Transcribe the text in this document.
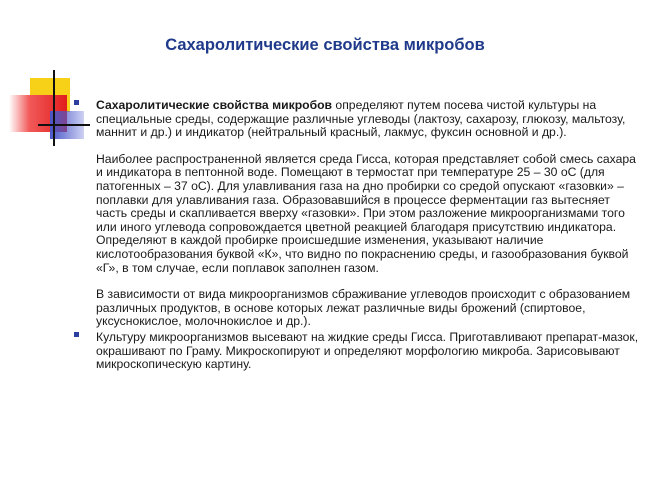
Сахаролитические свойства микробов

Сахаролитические свойства микробов определяют путем посева чистой культуры на специальные среды, содержащие различные углеводы (лактозу, сахарозу, глюкозу, мальтозу, маннит и др.) и индикатор (нейтральный красный, лакмус, фуксин основной и др.).

Наиболее распространенной является среда Гисса, которая представляет собой смесь сахара и индикатора в пептонной воде. Помещают в термостат при температуре 25 – 30 оС (для патогенных – 37 оС). Для улавливания газа на дно пробирки со средой опускают «газовки» – поплавки для улавливания газа. Образовавшийся в процессе ферментации газ вытесняет часть среды и скапливается вверху «газовки». При этом разложение микроорганизмами того или иного углевода сопровождается цветной реакцией благодаря присутствию индикатора.

Определяют в каждой пробирке происшедшие изменения, указывают наличие кислотообразования буквой «К», что видно по покраснению среды, и газообразования буквой «Г», в том случае, если поплавок заполнен газом.

В зависимости от вида микроорганизмов сбраживание углеводов происходит с образованием различных продуктов, в основе которых лежат различные виды брожений (спиртовое, уксуснокислое, молочнокислое и др.).

Культуру микроорганизмов высевают на жидкие среды Гисса. Приготавливают препарат-мазок, окрашивают по Граму. Микроскопируют и определяют морфологию микроба. Зарисовывают микроскопическую картину.
